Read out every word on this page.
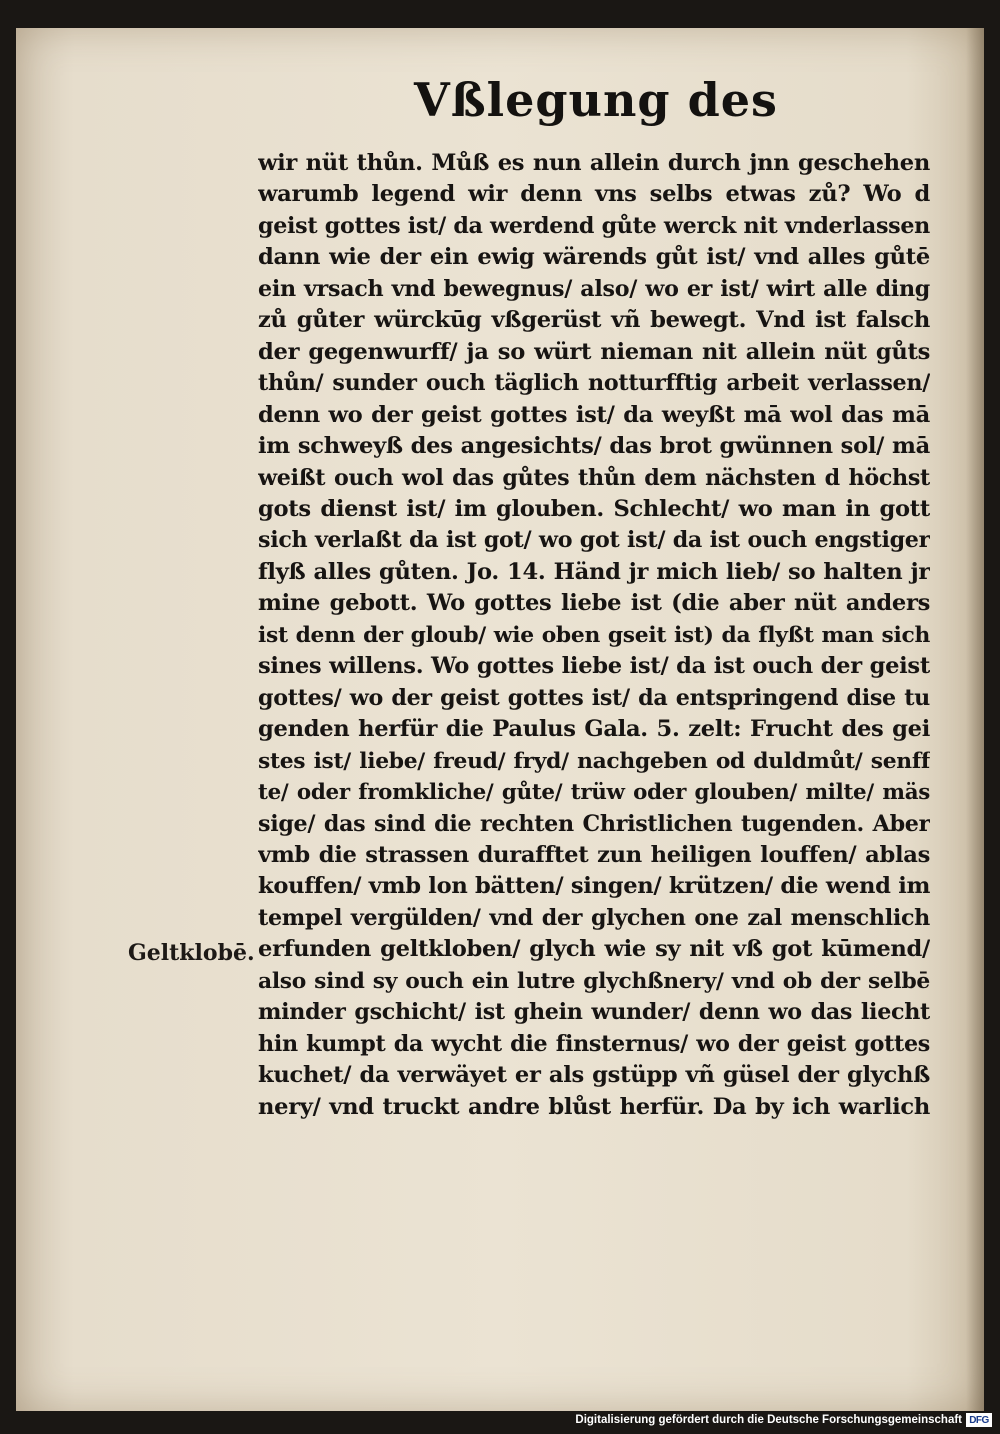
Vßlegung des
Geltklobē.
wir nüt thůn. Můß es nun allein durch jnn geschehen
warumb legend wir denn vns selbs etwas zů? Wo d
geist gottes ist/ da werdend gůte werck nit vnderlassen
dann wie der ein ewig wärends gůt ist/ vnd alles gůtē
ein vrsach vnd bewegnus/ also/ wo er ist/ wirt alle ding
zů gůter würckūg vßgerüst vñ bewegt. Vnd ist falsch
der gegenwurff/ ja so würt nieman nit allein nüt gůts
thůn/ sunder ouch täglich notturfftig arbeit verlassen/
denn wo der geist gottes ist/ da weyßt mā wol das mā
im schweyß des angesichts/ das brot gwünnen sol/ mā
weißt ouch wol das gůtes thůn dem nächsten d höchst
gots dienst ist/ im glouben. Schlecht/ wo man in gott
sich verlaßt da ist got/ wo got ist/ da ist ouch engstiger
flyß alles gůten. Jo. 14. Händ jr mich lieb/ so halten jr
mine gebott. Wo gottes liebe ist (die aber nüt anders
ist denn der gloub/ wie oben gseit ist) da flyßt man sich
sines willens. Wo gottes liebe ist/ da ist ouch der geist
gottes/ wo der geist gottes ist/ da entspringend dise tu
genden herfür die Paulus Gala. 5. zelt: Frucht des gei
stes ist/ liebe/ freud/ fryd/ nachgeben od duldmůt/ senff
te/ oder fromkliche/ gůte/ trüw oder glouben/ milte/ mäs
sige/ das sind die rechten Christlichen tugenden. Aber
vmb die strassen durafftet zun heiligen louffen/ ablas
kouffen/ vmb lon bätten/ singen/ krützen/ die wend im
tempel vergülden/ vnd der glychen one zal menschlich
erfunden geltkloben/ glych wie sy nit vß got kūmend/
also sind sy ouch ein lutre glychßnery/ vnd ob der selbē
minder gschicht/ ist ghein wunder/ denn wo das liecht
hin kumpt da wycht die finsternus/ wo der geist gottes
kuchet/ da verwäyet er als gstüpp vñ güsel der glychß
nery/ vnd truckt andre blůst herfür. Da by ich warlich
Digitalisierung gefördert durch die Deutsche Forschungsgemeinschaft DFG
